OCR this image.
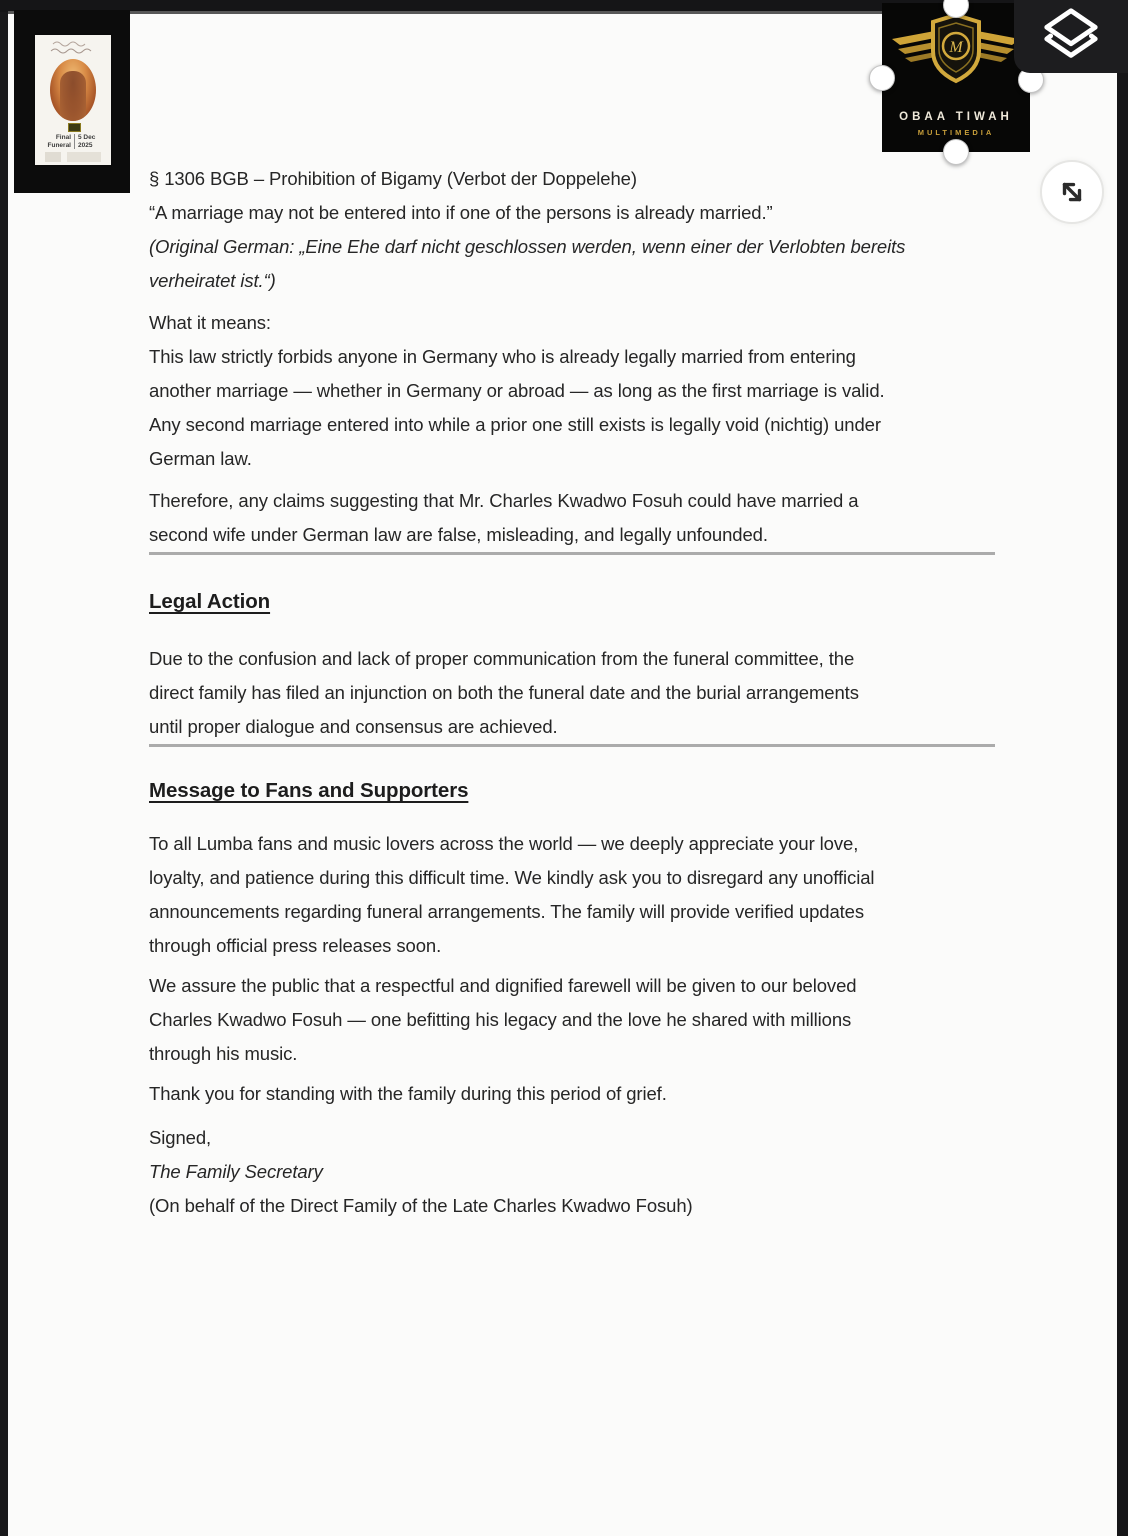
§ 1306 BGB – Prohibition of Bigamy (Verbot der Doppelehe)
“A marriage may not be entered into if one of the persons is already married.”
(Original German: „Eine Ehe darf nicht geschlossen werden, wenn einer der Verlobten bereits
verheiratet ist.“)
What it means:
This law strictly forbids anyone in Germany who is already legally married from entering
another marriage — whether in Germany or abroad — as long as the first marriage is valid.
Any second marriage entered into while a prior one still exists is legally void (nichtig) under
German law.
Therefore, any claims suggesting that Mr. Charles Kwadwo Fosuh could have married a
second wife under German law are false, misleading, and legally unfounded.
Legal Action
Due to the confusion and lack of proper communication from the funeral committee, the
direct family has filed an injunction on both the funeral date and the burial arrangements
until proper dialogue and consensus are achieved.
Message to Fans and Supporters
To all Lumba fans and music lovers across the world — we deeply appreciate your love,
loyalty, and patience during this difficult time. We kindly ask you to disregard any unofficial
announcements regarding funeral arrangements. The family will provide verified updates
through official press releases soon.
We assure the public that a respectful and dignified farewell will be given to our beloved
Charles Kwadwo Fosuh — one befitting his legacy and the love he shared with millions
through his music.
Thank you for standing with the family during this period of grief.
Signed,
The Family Secretary
(On behalf of the Direct Family of the Late Charles Kwadwo Fosuh)
Final
Funeral
5 Dec
2025
M
OBAA TIWAH
MULTIMEDIA
